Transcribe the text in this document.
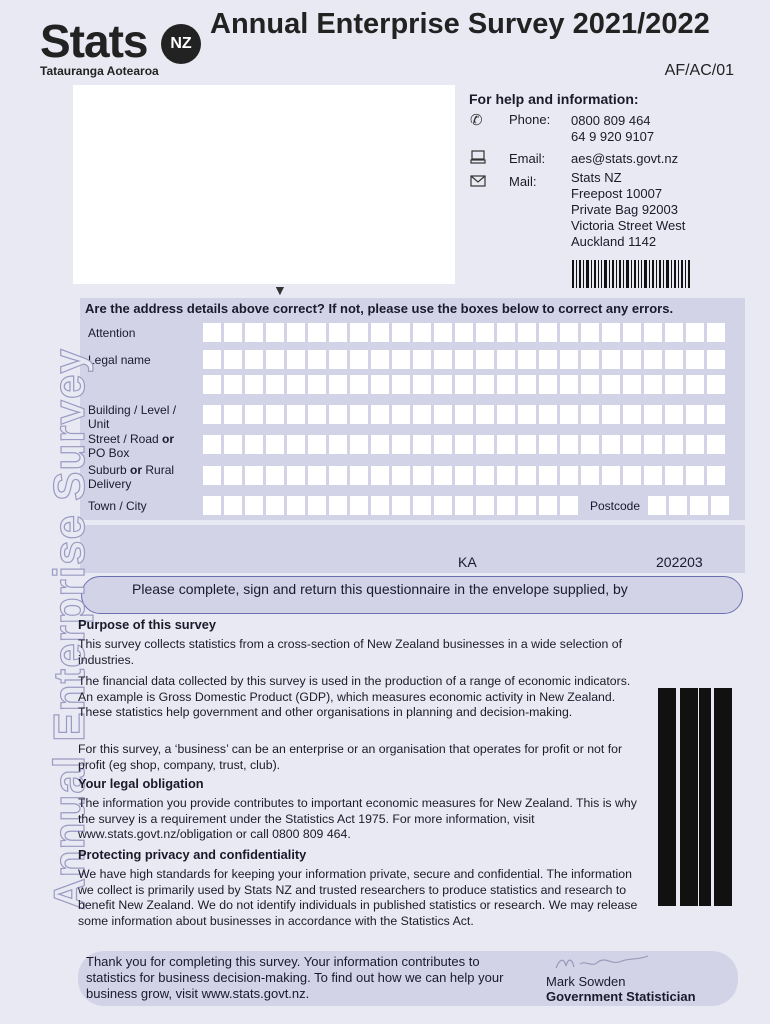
Stats	NZ
Tatauranga Aotearoa
Annual Enterprise Survey 2021/2022
AF/AC/01
▼
For help and information:
✆ Phone: 0800 809 464
64 9 920 9107
Email: aes@stats.govt.nz
Mail:	Stats NZ
Freepost 10007
Private Bag 92003
Victoria Street West
Auckland 1142
Are the address details above correct? If not, please use the boxes below to correct any errors.
Attention
Legal name
Building / Level /
Unit
Street / Road or
PO Box
Suburb or Rural
Delivery
Town / City	Postcode
KA	202203
Please complete, sign and return this questionnaire in the envelope supplied, by
Annual Enterprise Survey
Purpose of this survey
This survey collects statistics from a cross-section of New Zealand businesses in a wide selection of industries.
The financial data collected by this survey is used in the production of a range of economic indicators. An example is Gross Domestic Product (GDP), which measures economic activity in New Zealand. These statistics help government and other organisations in planning and decision-making.
For this survey, a ‘business’ can be an enterprise or an organisation that operates for profit or not for profit (eg shop, company, trust, club).
Your legal obligation
The information you provide contributes to important economic measures for New Zealand. This is why the survey is a requirement under the Statistics Act 1975. For more information, visit www.stats.govt.nz/obligation or call 0800 809 464.
Protecting privacy and confidentiality
We have high standards for keeping your information private, secure and confidential. The information we collect is primarily used by Stats NZ and trusted researchers to produce statistics and research to benefit New Zealand. We do not identify individuals in published statistics or research. We may release some information about businesses in accordance with the Statistics Act.
Thank you for completing this survey. Your information contributes to statistics for business decision-making. To find out how we can help your business grow, visit www.stats.govt.nz.
Mark Sowden
Government Statistician
